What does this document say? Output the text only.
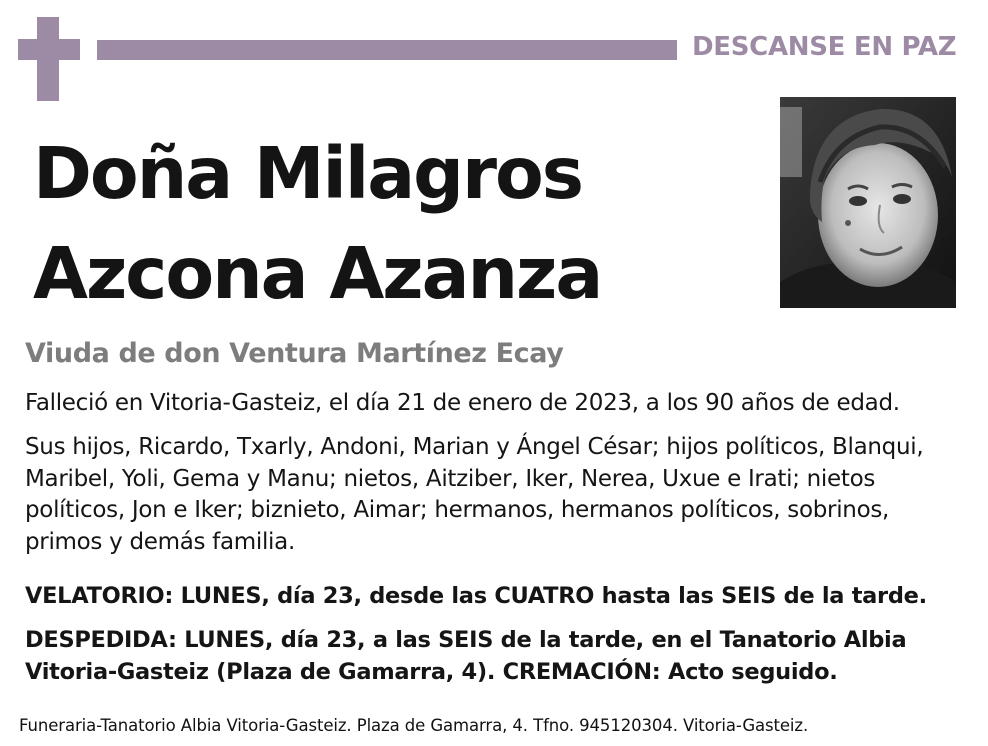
DESCANSE EN PAZ
Doña Milagros
Azcona Azanza
Viuda de don Ventura Martínez Ecay
Falleció en Vitoria-Gasteiz, el día 21 de enero de 2023, a los 90 años de edad.
Sus hijos, Ricardo, Txarly, Andoni, Marian y Ángel César; hijos políticos, Blanqui, Maribel, Yoli, Gema y Manu; nietos, Aitziber, Iker, Nerea, Uxue e Irati; nietos políticos, Jon e Iker; biznieto, Aimar; hermanos, hermanos políticos, sobrinos, primos y demás familia.
VELATORIO: LUNES, día 23, desde las CUATRO hasta las SEIS de la tarde.
DESPEDIDA: LUNES, día 23, a las SEIS de la tarde, en el Tanatorio Albia Vitoria-Gasteiz (Plaza de Gamarra, 4). CREMACIÓN: Acto seguido.
Funeraria-Tanatorio Albia Vitoria-Gasteiz. Plaza de Gamarra, 4. Tfno. 945120304. Vitoria-Gasteiz.
